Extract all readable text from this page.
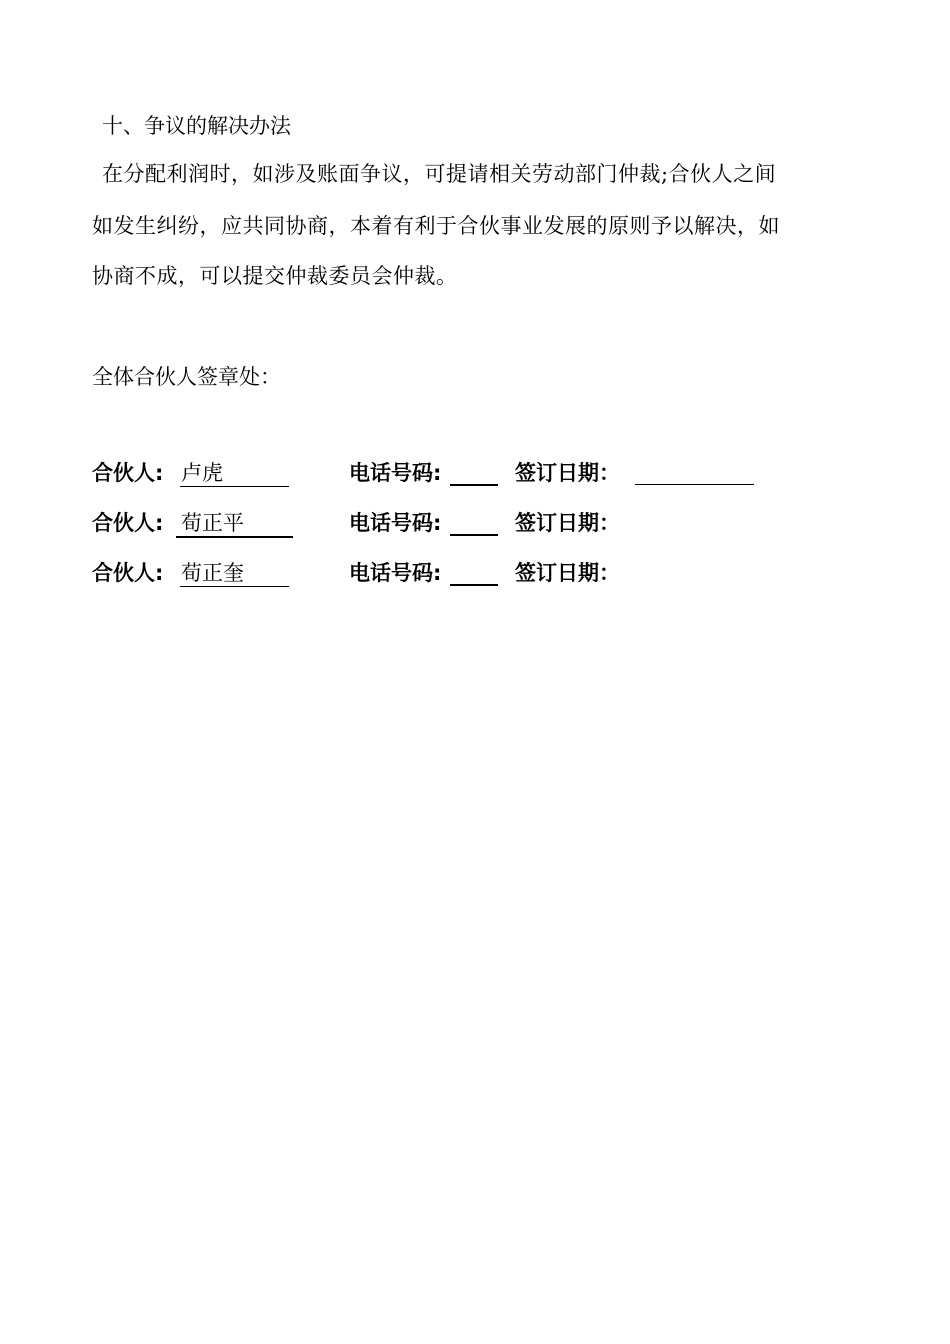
十、争议的解决办法
在分配利润时，如涉及账面争议，可提请相关劳动部门仲裁;合伙人之间
如发生纠纷，应共同协商，本着有利于合伙事业发展的原则予以解决，如
协商不成，可以提交仲裁委员会仲裁。
全体合伙人签章处：
合伙人: 卢虎	电话号码:	签订日期：
合伙人: 荀正平	电话号码:	签订日期：
合伙人: 荀正奎	电话号码:	签订日期：
